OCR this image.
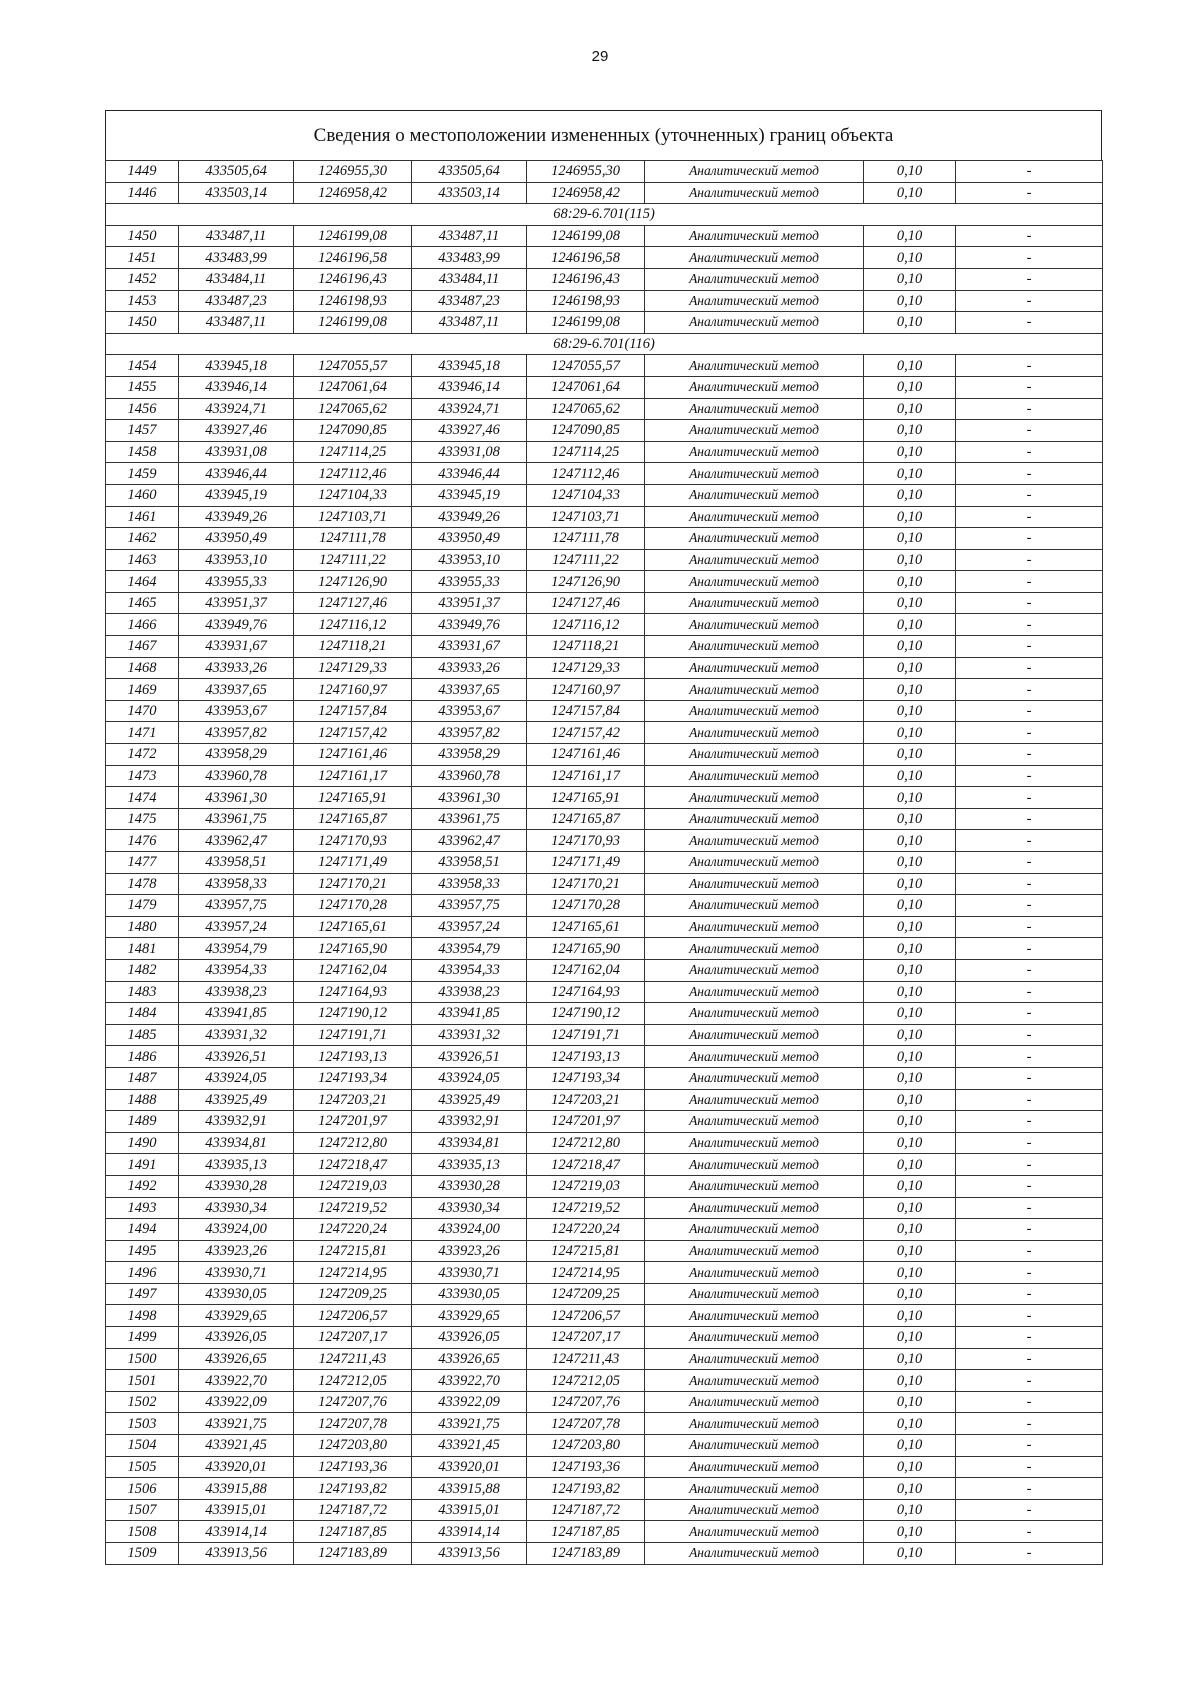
29
Сведения о местоположении измененных (уточненных) границ объекта
1449	433505,64	1246955,30	433505,64	1246955,30	Аналитический метод	0,10	-
1446	433503,14	1246958,42	433503,14	1246958,42	Аналитический метод	0,10	-
68:29-6.701(115)							
1450	433487,11	1246199,08	433487,11	1246199,08	Аналитический метод	0,10	-
1451	433483,99	1246196,58	433483,99	1246196,58	Аналитический метод	0,10	-
1452	433484,11	1246196,43	433484,11	1246196,43	Аналитический метод	0,10	-
1453	433487,23	1246198,93	433487,23	1246198,93	Аналитический метод	0,10	-
1450	433487,11	1246199,08	433487,11	1246199,08	Аналитический метод	0,10	-
68:29-6.701(116)							
1454	433945,18	1247055,57	433945,18	1247055,57	Аналитический метод	0,10	-
1455	433946,14	1247061,64	433946,14	1247061,64	Аналитический метод	0,10	-
1456	433924,71	1247065,62	433924,71	1247065,62	Аналитический метод	0,10	-
1457	433927,46	1247090,85	433927,46	1247090,85	Аналитический метод	0,10	-
1458	433931,08	1247114,25	433931,08	1247114,25	Аналитический метод	0,10	-
1459	433946,44	1247112,46	433946,44	1247112,46	Аналитический метод	0,10	-
1460	433945,19	1247104,33	433945,19	1247104,33	Аналитический метод	0,10	-
1461	433949,26	1247103,71	433949,26	1247103,71	Аналитический метод	0,10	-
1462	433950,49	1247111,78	433950,49	1247111,78	Аналитический метод	0,10	-
1463	433953,10	1247111,22	433953,10	1247111,22	Аналитический метод	0,10	-
1464	433955,33	1247126,90	433955,33	1247126,90	Аналитический метод	0,10	-
1465	433951,37	1247127,46	433951,37	1247127,46	Аналитический метод	0,10	-
1466	433949,76	1247116,12	433949,76	1247116,12	Аналитический метод	0,10	-
1467	433931,67	1247118,21	433931,67	1247118,21	Аналитический метод	0,10	-
1468	433933,26	1247129,33	433933,26	1247129,33	Аналитический метод	0,10	-
1469	433937,65	1247160,97	433937,65	1247160,97	Аналитический метод	0,10	-
1470	433953,67	1247157,84	433953,67	1247157,84	Аналитический метод	0,10	-
1471	433957,82	1247157,42	433957,82	1247157,42	Аналитический метод	0,10	-
1472	433958,29	1247161,46	433958,29	1247161,46	Аналитический метод	0,10	-
1473	433960,78	1247161,17	433960,78	1247161,17	Аналитический метод	0,10	-
1474	433961,30	1247165,91	433961,30	1247165,91	Аналитический метод	0,10	-
1475	433961,75	1247165,87	433961,75	1247165,87	Аналитический метод	0,10	-
1476	433962,47	1247170,93	433962,47	1247170,93	Аналитический метод	0,10	-
1477	433958,51	1247171,49	433958,51	1247171,49	Аналитический метод	0,10	-
1478	433958,33	1247170,21	433958,33	1247170,21	Аналитический метод	0,10	-
1479	433957,75	1247170,28	433957,75	1247170,28	Аналитический метод	0,10	-
1480	433957,24	1247165,61	433957,24	1247165,61	Аналитический метод	0,10	-
1481	433954,79	1247165,90	433954,79	1247165,90	Аналитический метод	0,10	-
1482	433954,33	1247162,04	433954,33	1247162,04	Аналитический метод	0,10	-
1483	433938,23	1247164,93	433938,23	1247164,93	Аналитический метод	0,10	-
1484	433941,85	1247190,12	433941,85	1247190,12	Аналитический метод	0,10	-
1485	433931,32	1247191,71	433931,32	1247191,71	Аналитический метод	0,10	-
1486	433926,51	1247193,13	433926,51	1247193,13	Аналитический метод	0,10	-
1487	433924,05	1247193,34	433924,05	1247193,34	Аналитический метод	0,10	-
1488	433925,49	1247203,21	433925,49	1247203,21	Аналитический метод	0,10	-
1489	433932,91	1247201,97	433932,91	1247201,97	Аналитический метод	0,10	-
1490	433934,81	1247212,80	433934,81	1247212,80	Аналитический метод	0,10	-
1491	433935,13	1247218,47	433935,13	1247218,47	Аналитический метод	0,10	-
1492	433930,28	1247219,03	433930,28	1247219,03	Аналитический метод	0,10	-
1493	433930,34	1247219,52	433930,34	1247219,52	Аналитический метод	0,10	-
1494	433924,00	1247220,24	433924,00	1247220,24	Аналитический метод	0,10	-
1495	433923,26	1247215,81	433923,26	1247215,81	Аналитический метод	0,10	-
1496	433930,71	1247214,95	433930,71	1247214,95	Аналитический метод	0,10	-
1497	433930,05	1247209,25	433930,05	1247209,25	Аналитический метод	0,10	-
1498	433929,65	1247206,57	433929,65	1247206,57	Аналитический метод	0,10	-
1499	433926,05	1247207,17	433926,05	1247207,17	Аналитический метод	0,10	-
1500	433926,65	1247211,43	433926,65	1247211,43	Аналитический метод	0,10	-
1501	433922,70	1247212,05	433922,70	1247212,05	Аналитический метод	0,10	-
1502	433922,09	1247207,76	433922,09	1247207,76	Аналитический метод	0,10	-
1503	433921,75	1247207,78	433921,75	1247207,78	Аналитический метод	0,10	-
1504	433921,45	1247203,80	433921,45	1247203,80	Аналитический метод	0,10	-
1505	433920,01	1247193,36	433920,01	1247193,36	Аналитический метод	0,10	-
1506	433915,88	1247193,82	433915,88	1247193,82	Аналитический метод	0,10	-
1507	433915,01	1247187,72	433915,01	1247187,72	Аналитический метод	0,10	-
1508	433914,14	1247187,85	433914,14	1247187,85	Аналитический метод	0,10	-
1509	433913,56	1247183,89	433913,56	1247183,89	Аналитический метод	0,10	-
